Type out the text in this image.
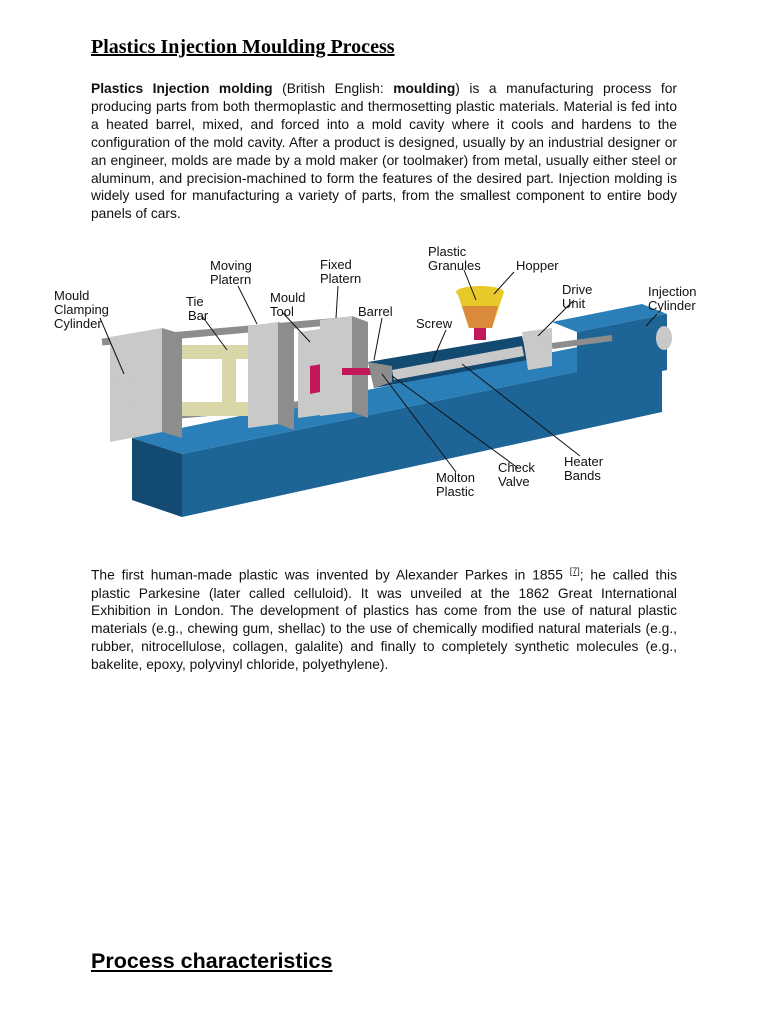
Plastics Injection Moulding Process

Plastics Injection molding (British English: moulding) is a manufacturing process for producing parts from both thermoplastic and thermosetting plastic materials. Material is fed into a heated barrel, mixed, and forced into a mold cavity where it cools and hardens to the configuration of the mold cavity. After a product is designed, usually by an industrial designer or an engineer, molds are made by a mold maker (or toolmaker) from metal, usually either steel or aluminum, and precision-machined to form the features of the desired part. Injection molding is widely used for manufacturing a variety of parts, from the smallest component to entire body panels of cars.

Mould
Clamping
Cylinder
Tie
Bar
Moving
Platern
Mould
Tool
Fixed
Platern
Barrel
Plastic
Granules	Hopper
Screw
Drive
Unit
Injection
Cylinder
Molton
Plastic
Check
Valve
Heater
Bands

The first human-made plastic was invented by Alexander Parkes in 1855 [7]; he called this plastic Parkesine (later called celluloid). It was unveiled at the 1862 Great International Exhibition in London. The development of plastics has come from the use of natural plastic materials (e.g., chewing gum, shellac) to the use of chemically modified natural materials (e.g., rubber, nitrocellulose, collagen, galalite) and finally to completely synthetic molecules (e.g., bakelite, epoxy, polyvinyl chloride, polyethylene).

Process characteristics
